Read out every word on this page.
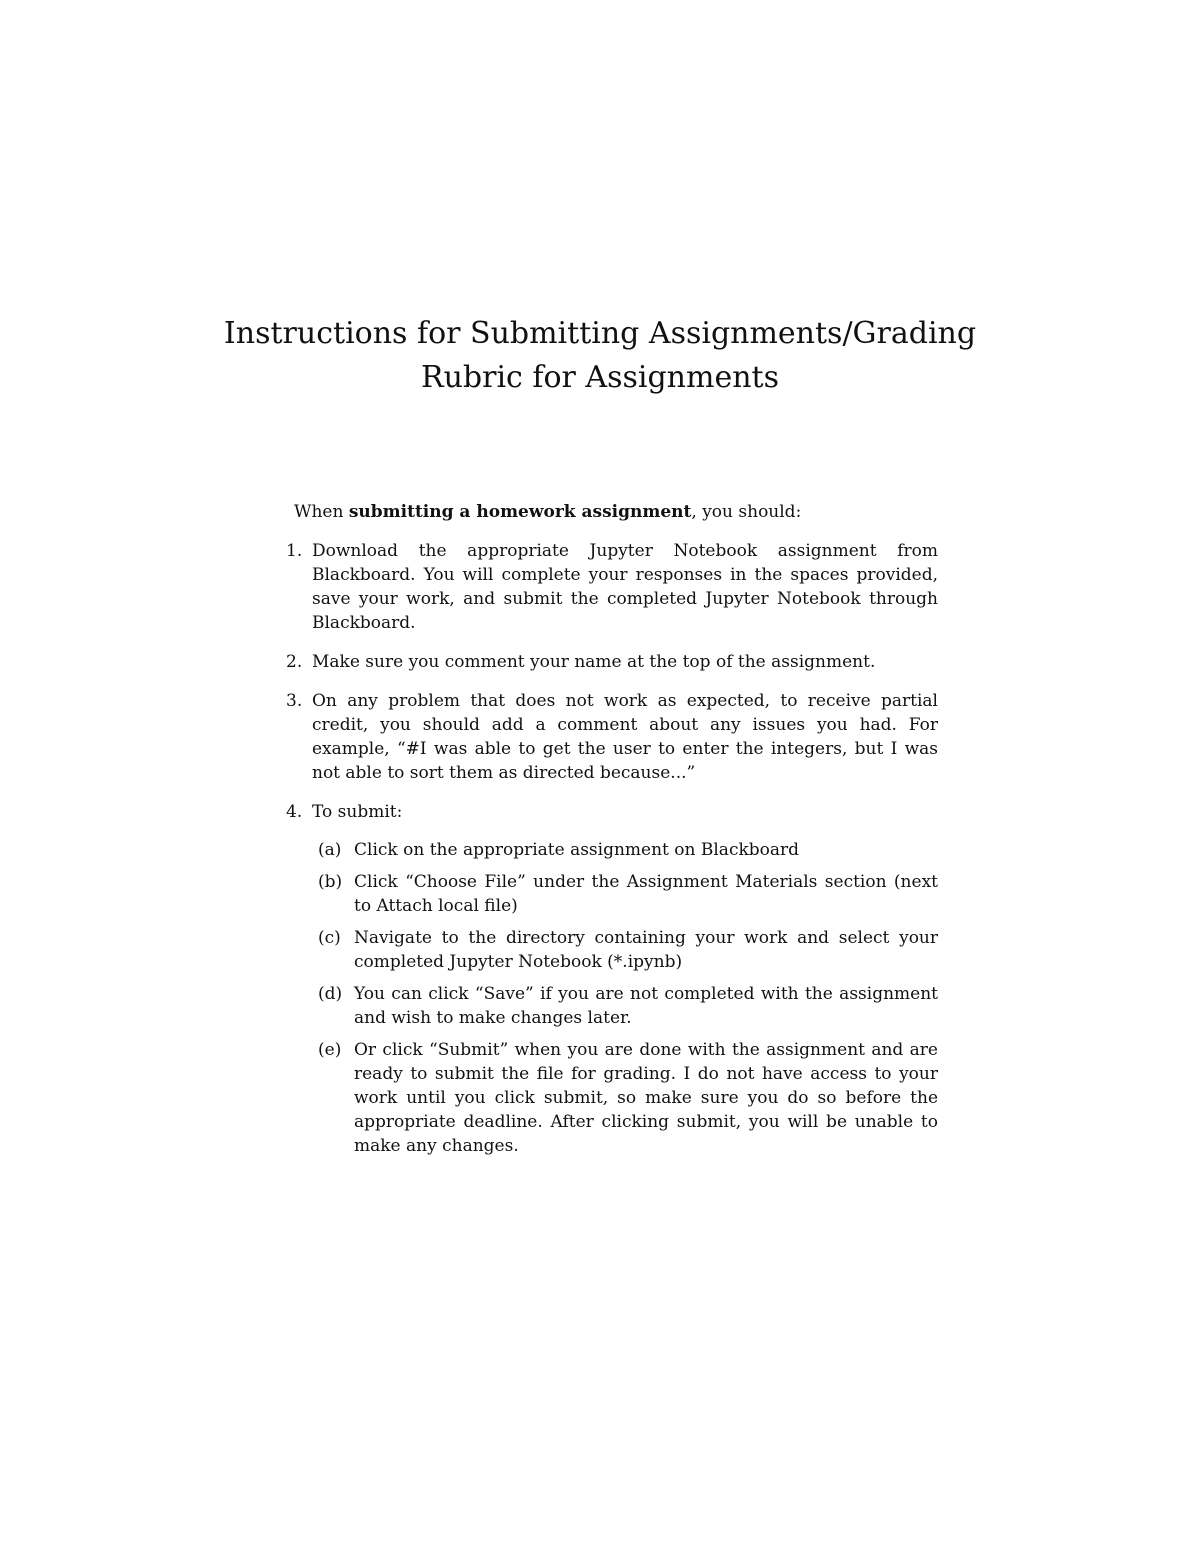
Instructions for Submitting Assignments/Grading
Rubric for Assignments

When submitting a homework assignment, you should:

1. Download the appropriate Jupyter Notebook assignment from Blackboard. You will complete your responses in the spaces provided, save your work, and submit the completed Jupyter Notebook through Blackboard.
2. Make sure you comment your name at the top of the assignment.
3. On any problem that does not work as expected, to receive partial credit, you should add a comment about any issues you had. For example, “#I was able to get the user to enter the integers, but I was not able to sort them as directed because...”
4. To submit:
(a) Click on the appropriate assignment on Blackboard
(b) Click “Choose File” under the Assignment Materials section (next to Attach local file)
(c) Navigate to the directory containing your work and select your completed Jupyter Notebook (*.ipynb)
(d) You can click “Save” if you are not completed with the assignment and wish to make changes later.
(e) Or click “Submit” when you are done with the assignment and are ready to submit the file for grading. I do not have access to your work until you click submit, so make sure you do so before the appropriate deadline. After clicking submit, you will be unable to make any changes.
